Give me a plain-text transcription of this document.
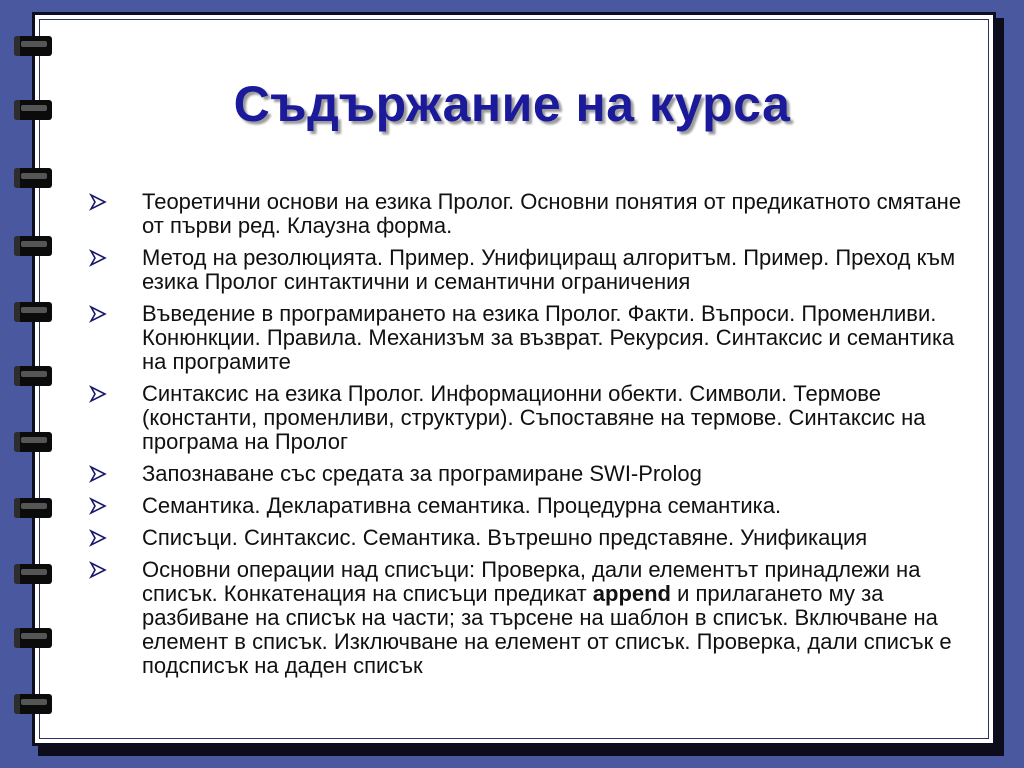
Съдържание на курса
Теоретични основи на езика Пролог. Основни понятия от предикатното смятане от първи ред. Клаузна форма.
Метод на резолюцията. Пример. Унифициращ алгоритъм. Пример. Преход към езика Пролог синтактични и семантични ограничения
Въведение в програмирането на езика Пролог. Факти. Въпроси. Променливи. Конюнкции. Правила. Механизъм за възврат. Рекурсия. Синтаксис и семантика на програмите
Синтаксис на езика Пролог. Информационни обекти. Символи. Термове (константи, променливи, структури). Съпоставяне на термове. Синтаксис на програма на Пролог
Запознаване със средата за програмиране SWI-Prolog
Семантика. Декларативна семантика. Процедурна семантика.
Списъци. Синтаксис. Семантика. Вътрешно представяне. Унификация
Основни операции над списъци: Проверка, дали елементът принадлежи на списък. Конкатенация на списъци предикат append и прилагането му за разбиване на списък на части; за търсене на шаблон в списък. Включване на елемент в списък. Изключване на елемент от списък. Проверка, дали списък е подсписък на даден списък
